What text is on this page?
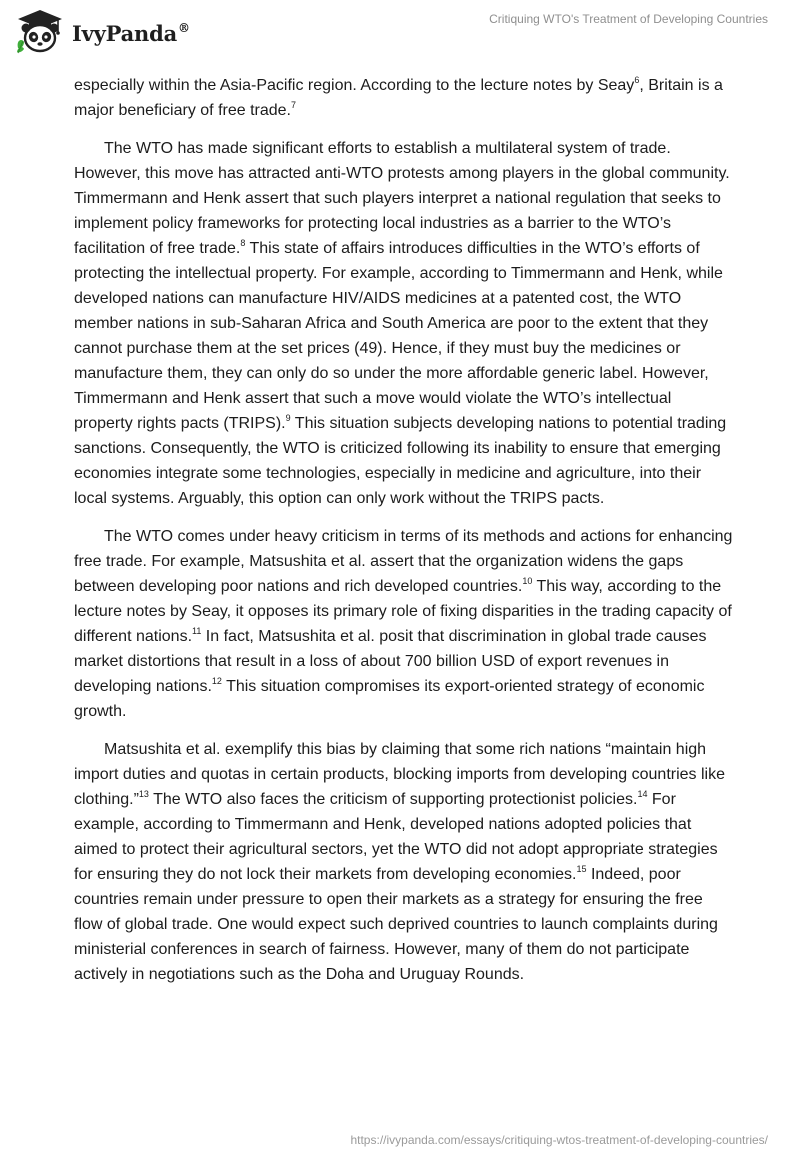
IvyPanda®
Critiquing WTO's Treatment of Developing Countries

especially within the Asia-Pacific region. According to the lecture notes by Seay$^6$, Britain is a major beneficiary of free trade.$^7$

The WTO has made significant efforts to establish a multilateral system of trade. However, this move has attracted anti-WTO protests among players in the global community. Timmermann and Henk assert that such players interpret a national regulation that seeks to implement policy frameworks for protecting local industries as a barrier to the WTO’s facilitation of free trade.$^8$ This state of affairs introduces difficulties in the WTO’s efforts of protecting the intellectual property. For example, according to Timmermann and Henk, while developed nations can manufacture HIV/AIDS medicines at a patented cost, the WTO member nations in sub-Saharan Africa and South America are poor to the extent that they cannot purchase them at the set prices (49). Hence, if they must buy the medicines or manufacture them, they can only do so under the more affordable generic label. However, Timmermann and Henk assert that such a move would violate the WTO’s intellectual property rights pacts (TRIPS).$^9$ This situation subjects developing nations to potential trading sanctions. Consequently, the WTO is criticized following its inability to ensure that emerging economies integrate some technologies, especially in medicine and agriculture, into their local systems. Arguably, this option can only work without the TRIPS pacts.

The WTO comes under heavy criticism in terms of its methods and actions for enhancing free trade. For example, Matsushita et al. assert that the organization widens the gaps between developing poor nations and rich developed countries.$^{10}$ This way, according to the lecture notes by Seay, it opposes its primary role of fixing disparities in the trading capacity of different nations.$^{11}$ In fact, Matsushita et al. posit that discrimination in global trade causes market distortions that result in a loss of about 700 billion USD of export revenues in developing nations.$^{12}$ This situation compromises its export-oriented strategy of economic growth.

Matsushita et al. exemplify this bias by claiming that some rich nations “maintain high import duties and quotas in certain products, blocking imports from developing countries like clothing.”$^{13}$ The WTO also faces the criticism of supporting protectionist policies.$^{14}$ For example, according to Timmermann and Henk, developed nations adopted policies that aimed to protect their agricultural sectors, yet the WTO did not adopt appropriate strategies for ensuring they do not lock their markets from developing economies.$^{15}$ Indeed, poor countries remain under pressure to open their markets as a strategy for ensuring the free flow of global trade. One would expect such deprived countries to launch complaints during ministerial conferences in search of fairness. However, many of them do not participate actively in negotiations such as the Doha and Uruguay Rounds.

https://ivypanda.com/essays/critiquing-wtos-treatment-of-developing-countries/
